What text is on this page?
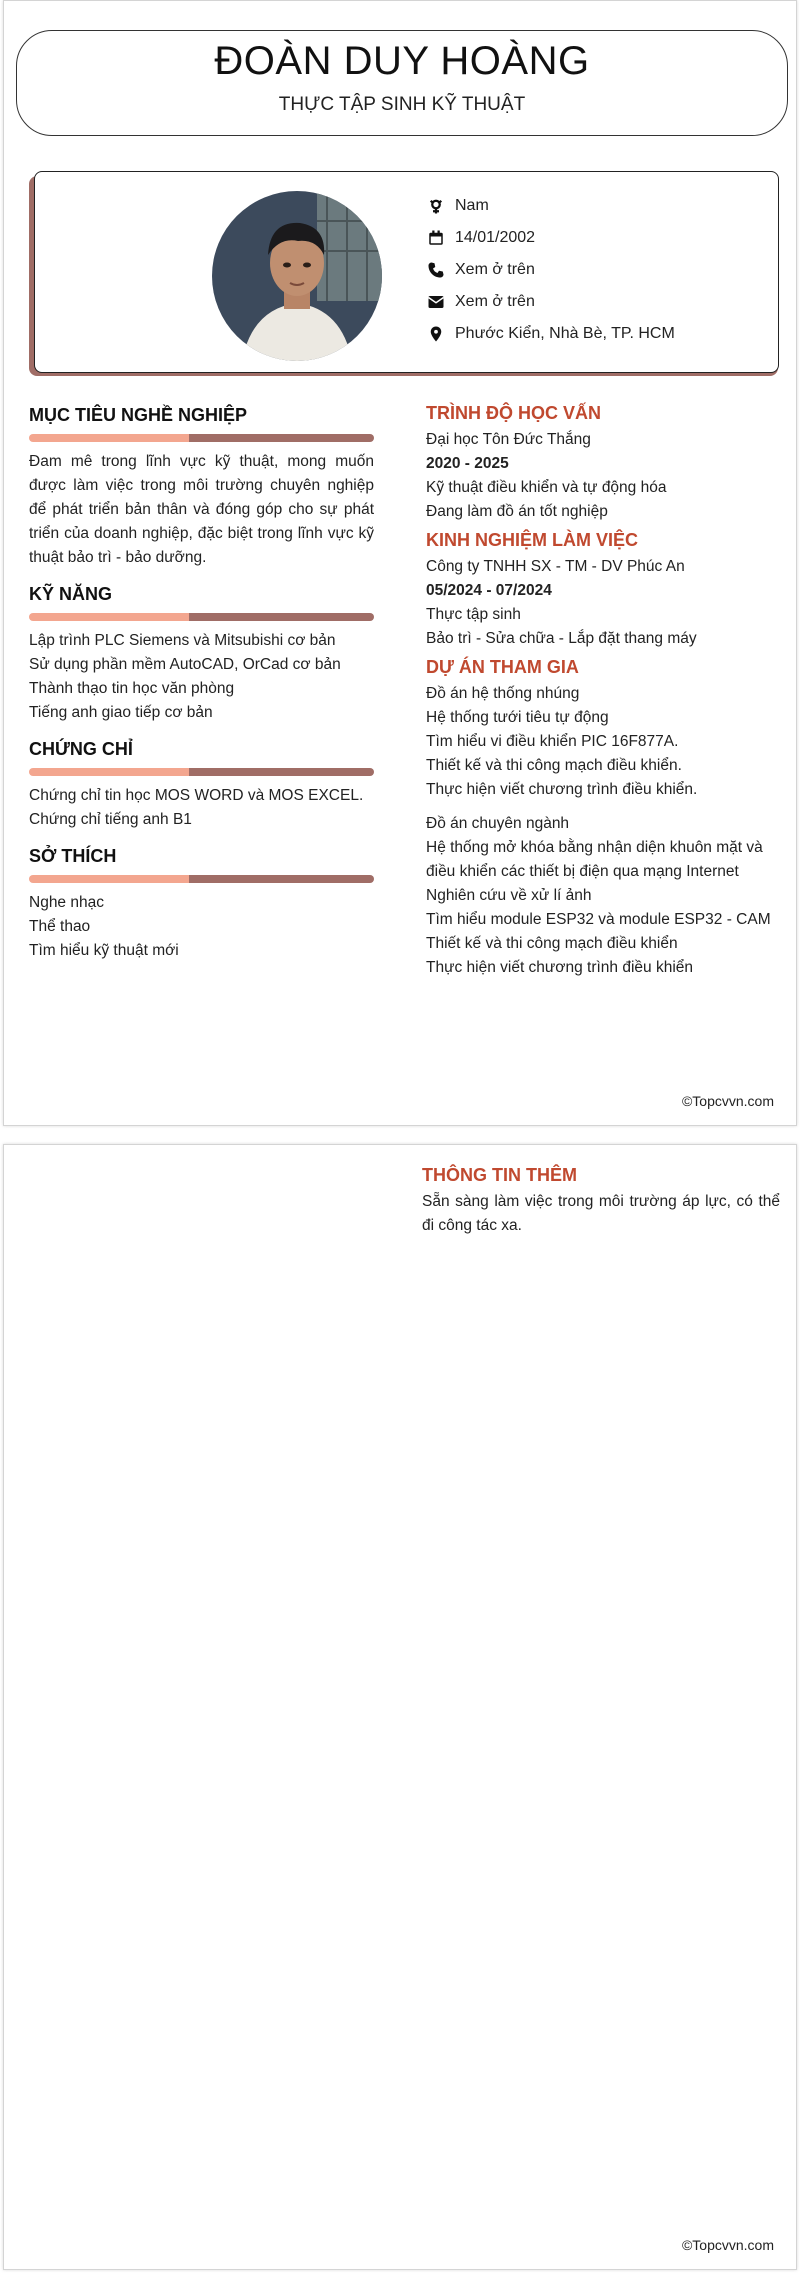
ĐOÀN DUY HOÀNG
THỰC TẬP SINH KỸ THUẬT
Nam
14/01/2002
Xem ở trên
Xem ở trên
Phước Kiển, Nhà Bè, TP. HCM
MỤC TIÊU NGHỀ NGHIỆP
Đam mê trong lĩnh vực kỹ thuật, mong muốn được làm việc trong môi trường chuyên nghiệp để phát triển bản thân và đóng góp cho sự phát triển của doanh nghiệp, đặc biệt trong lĩnh vực kỹ thuật bảo trì - bảo dưỡng.
KỸ NĂNG
Lập trình PLC Siemens và Mitsubishi cơ bản
Sử dụng phần mềm AutoCAD, OrCad cơ bản
Thành thạo tin học văn phòng
Tiếng anh giao tiếp cơ bản
CHỨNG CHỈ
Chứng chỉ tin học MOS WORD và MOS EXCEL.
Chứng chỉ tiếng anh B1
SỞ THÍCH
Nghe nhạc
Thể thao
Tìm hiểu kỹ thuật mới
TRÌNH ĐỘ HỌC VẤN
Đại học Tôn Đức Thắng
2020 - 2025
Kỹ thuật điều khiển và tự động hóa
Đang làm đồ án tốt nghiệp
KINH NGHIỆM LÀM VIỆC
Công ty TNHH SX - TM - DV Phúc An
05/2024 - 07/2024
Thực tập sinh
Bảo trì - Sửa chữa - Lắp đặt thang máy
DỰ ÁN THAM GIA
Đồ án hệ thống nhúng
Hệ thống tưới tiêu tự động
Tìm hiểu vi điều khiển PIC 16F877A.
Thiết kế và thi công mạch điều khiển.
Thực hiện viết chương trình điều khiển.
Đồ án chuyên ngành
Hệ thống mở khóa bằng nhận diện khuôn mặt và điều khiển các thiết bị điện qua mạng Internet
Nghiên cứu về xử lí ảnh
Tìm hiểu module ESP32 và module ESP32 - CAM
Thiết kế và thi công mạch điều khiển
Thực hiện viết chương trình điều khiển
©Topcvvn.com
THÔNG TIN THÊM
Sẵn sàng làm việc trong môi trường áp lực, có thể đi công tác xa.
©Topcvvn.com
